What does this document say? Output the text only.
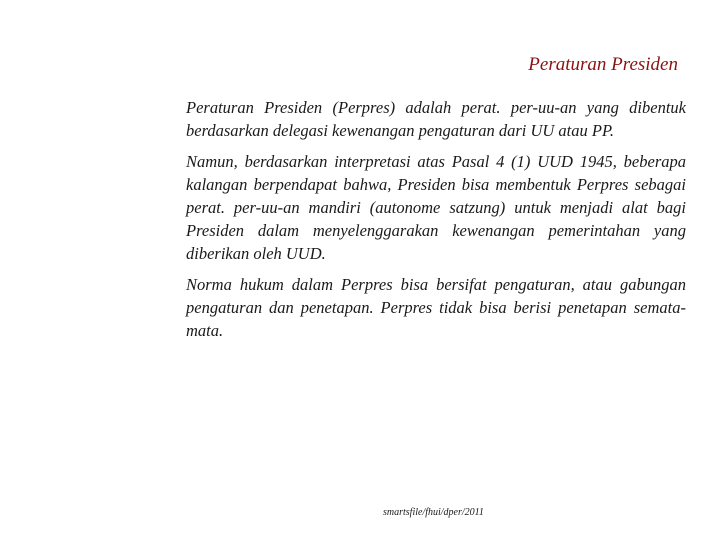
Peraturan Presiden

Peraturan Presiden (Perpres) adalah perat. per-uu-an yang dibentuk berdasarkan delegasi kewenangan pengaturan dari UU atau PP.

Namun, berdasarkan interpretasi atas Pasal 4 (1) UUD 1945, beberapa kalangan berpendapat bahwa, Presiden bisa membentuk Perpres sebagai perat. per-uu-an mandiri (autonome satzung) untuk menjadi alat bagi Presiden dalam menyelenggarakan kewenangan pemerintahan yang diberikan oleh UUD.

Norma hukum dalam Perpres bisa bersifat pengaturan, atau gabungan pengaturan dan penetapan. Perpres tidak bisa berisi penetapan semata-mata.

smartsfile/fhui/dper/2011
